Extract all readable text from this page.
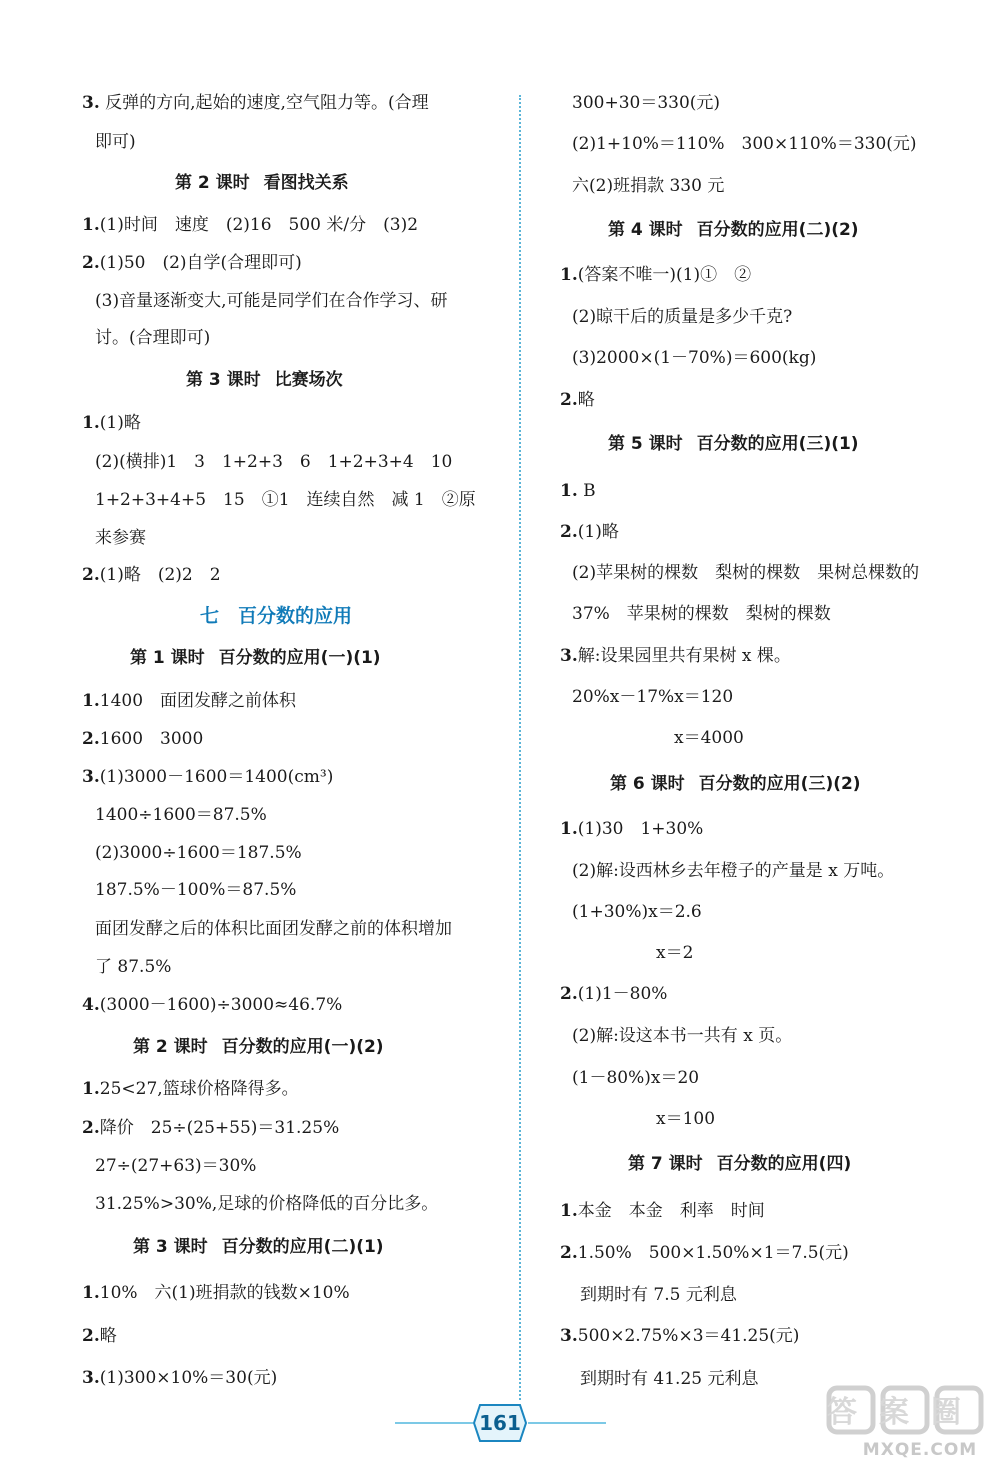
3. 反弹的方向,起始的速度,空气阻力等。(合理
即可)
第 2 课时 看图找关系
1.(1)时间　速度　(2)16　500 米/分　(3)2
2.(1)50　(2)自学(合理即可)
(3)音量逐渐变大,可能是同学们在合作学习、研
讨。(合理即可)
第 3 课时 比赛场次
1.(1)略
(2)(横排)1　3　1+2+3　6　1+2+3+4　10
1+2+3+4+5　15　①1　连续自然　减 1　②原
来参赛
2.(1)略　(2)2　2
七　 百分数的应用
第 1 课时 百分数的应用(一)(1)
1.1400　面团发酵之前体积
2.1600　3000
3.(1)3000－1600＝1400(cm³)
1400÷1600＝87.5%
(2)3000÷1600＝187.5%
187.5%－100%＝87.5%
面团发酵之后的体积比面团发酵之前的体积增加
了 87.5%
4.(3000－1600)÷3000≈46.7%
第 2 课时 百分数的应用(一)(2)
1.25<27,篮球价格降得多。
2.降价　25÷(25+55)＝31.25%
27÷(27+63)＝30%
31.25%>30%,足球的价格降低的百分比多。
第 3 课时 百分数的应用(二)(1)
1.10%　六(1)班捐款的钱数×10%
2.略
3.(1)300×10%＝30(元)
300+30＝330(元)
(2)1+10%＝110%　300×110%＝330(元)
六(2)班捐款 330 元
第 4 课时 百分数的应用(二)(2)
1.(答案不唯一)(1)①　②
(2)晾干后的质量是多少千克?
(3)2000×(1－70%)＝600(kg)
2.略
第 5 课时 百分数的应用(三)(1)
1. B
2.(1)略
(2)苹果树的棵数　梨树的棵数　果树总棵数的
37%　苹果树的棵数　梨树的棵数
3.解:设果园里共有果树 x 棵。
20%x－17%x＝120
x＝4000
第 6 课时 百分数的应用(三)(2)
1.(1)30　1+30%
(2)解:设西林乡去年橙子的产量是 x 万吨。
(1+30%)x＝2.6
x＝2
2.(1)1－80%
(2)解:设这本书一共有 x 页。
(1－80%)x＝20
x＝100
第 7 课时 百分数的应用(四)
1.本金　本金　利率　时间
2.1.50%　500×1.50%×1＝7.5(元)
到期时有 7.5 元利息
3.500×2.75%×3＝41.25(元)
到期时有 41.25 元利息
161	答案圈
MXQE.COM
